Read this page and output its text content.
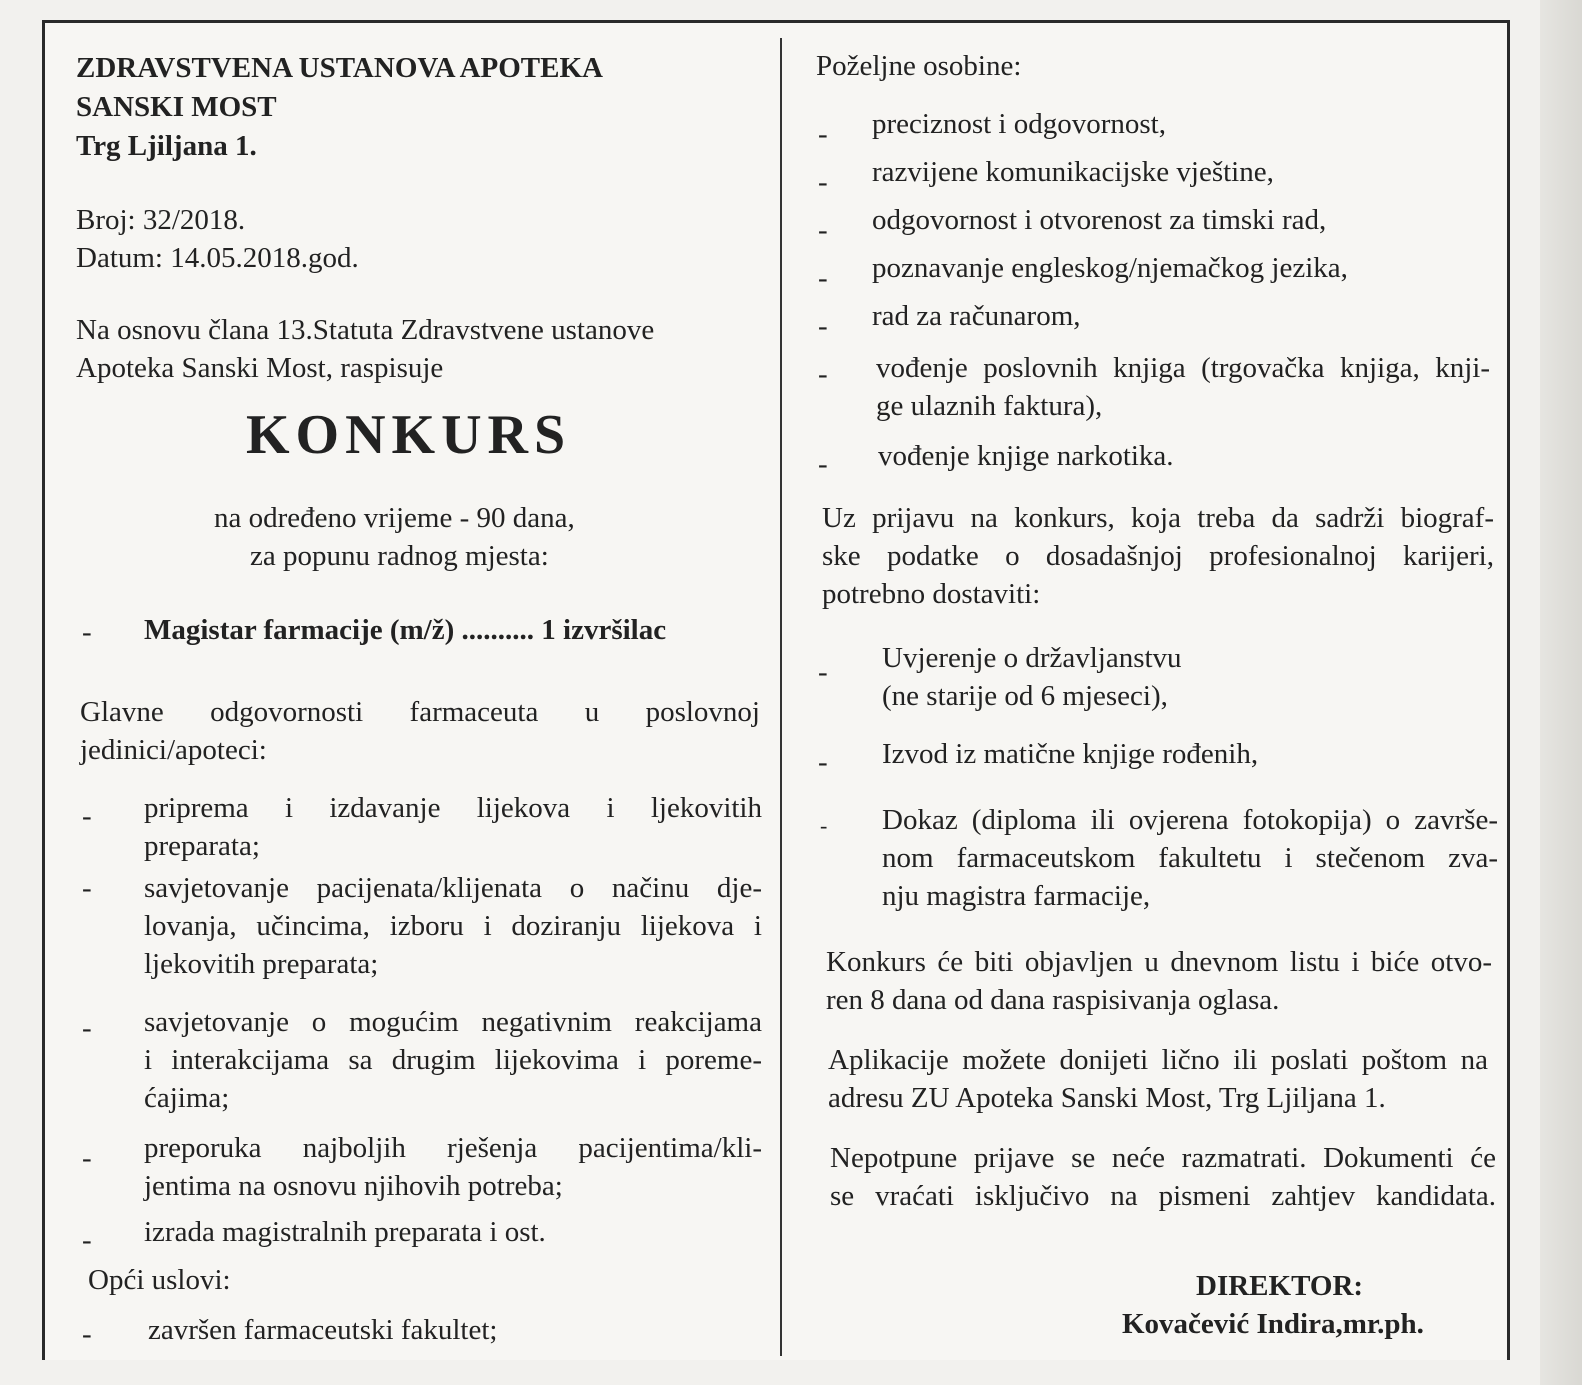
ZDRAVSTVENA USTANOVA APOTEKA
SANSKI MOST
Trg Ljiljana 1.
Broj: 32/2018.
Datum: 14.05.2018.god.
Na osnovu člana 13.Statuta Zdravstvene ustanove
Apoteka Sanski Most, raspisuje
KONKURS
na određeno vrijeme - 90 dana,
za popunu radnog mjesta:
- Magistar farmacije (m/ž) .......... 1 izvršilac
Glavne odgovornosti farmaceuta u poslovnoj
jedinici/apoteci:
- priprema i izdavanje lijekova i ljekovitih
preparata;
- savjetovanje pacijenata/klijenata o načinu dje-
lovanja, učincima, izboru i doziranju lijekova i
ljekovitih preparata;
- savjetovanje o mogućim negativnim reakcijama
i interakcijama sa drugim lijekovima i poreme-
ćajima;
- preporuka najboljih rješenja pacijentima/kli-
jentima na osnovu njihovih potreba;
- izrada magistralnih preparata i ost.
Opći uslovi:
- završen farmaceutski fakultet;
Poželjne osobine:
- preciznost i odgovornost,
- razvijene komunikacijske vještine,
- odgovornost i otvorenost za timski rad,
- poznavanje engleskog/njemačkog jezika,
- rad za računarom,
- vođenje poslovnih knjiga (trgovačka knjiga, knji-
ge ulaznih faktura),
- vođenje knjige narkotika.
Uz prijavu na konkurs, koja treba da sadrži biograf-
ske podatke o dosadašnjoj profesionalnoj karijeri,
potrebno dostaviti:
- Uvjerenje o državljanstvu
(ne starije od 6 mjeseci),
- Izvod iz matične knjige rođenih,
- Dokaz (diploma ili ovjerena fotokopija) o završe-
nom farmaceutskom fakultetu i stečenom zva-
nju magistra farmacije,
Konkurs će biti objavljen u dnevnom listu i biće otvo-
ren 8 dana od dana raspisivanja oglasa.
Aplikacije možete donijeti lično ili poslati poštom na
adresu ZU Apoteka Sanski Most, Trg Ljiljana 1.
Nepotpune prijave se neće razmatrati. Dokumenti će
se vraćati isključivo na pismeni zahtjev kandidata.
DIREKTOR:
Kovačević Indira,mr.ph.
